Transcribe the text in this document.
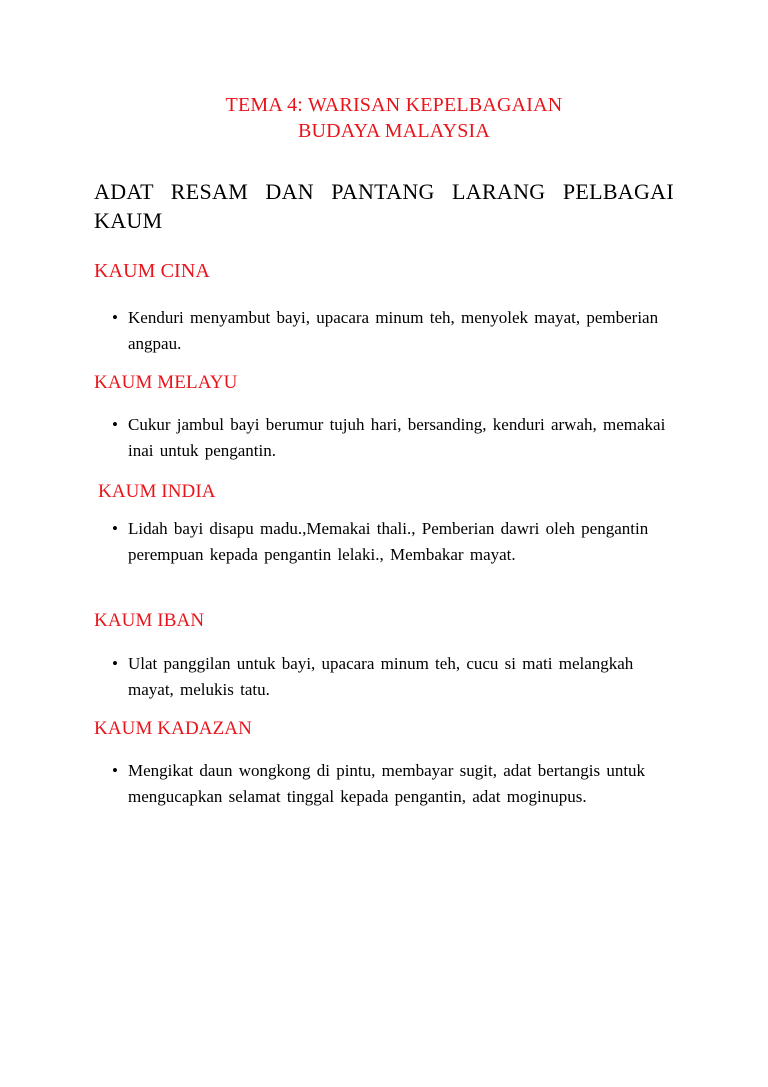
TEMA 4: WARISAN KEPELBAGAIAN
BUDAYA MALAYSIA
ADAT RESAM DAN PANTANG LARANG PELBAGAI KAUM
KAUM CINA
• Kenduri menyambut bayi, upacara minum teh, menyolek mayat, pemberian angpau.
KAUM MELAYU
• Cukur jambul bayi berumur tujuh hari, bersanding, kenduri arwah, memakai inai untuk pengantin.
KAUM INDIA
• Lidah bayi disapu madu.,Memakai thali., Pemberian dawri oleh pengantin perempuan kepada pengantin lelaki., Membakar mayat.
KAUM IBAN
• Ulat panggilan untuk bayi, upacara minum teh, cucu si mati melangkah mayat, melukis tatu.
KAUM KADAZAN
• Mengikat daun wongkong di pintu, membayar sugit, adat bertangis untuk mengucapkan selamat tinggal kepada pengantin, adat moginupus.
